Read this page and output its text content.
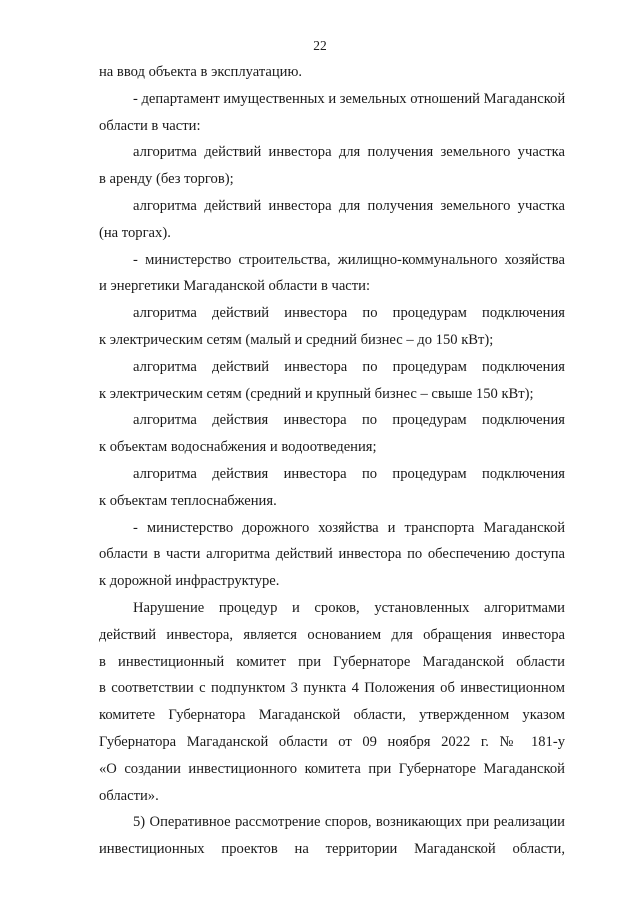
22
на ввод объекта в эксплуатацию.
- департамент имущественных и земельных отношений Магаданской
области в части:
алгоритма действий инвестора для получения земельного участка
в аренду (без торгов);
алгоритма действий инвестора для получения земельного участка
(на торгах).
- министерство строительства, жилищно-коммунального хозяйства
и энергетики Магаданской области в части:
алгоритма действий инвестора по процедурам подключения
к электрическим сетям (малый и средний бизнес – до 150 кВт);
алгоритма действий инвестора по процедурам подключения
к электрическим сетям (средний и крупный бизнес – свыше 150 кВт);
алгоритма действия инвестора по процедурам подключения
к объектам водоснабжения и водоотведения;
алгоритма действия инвестора по процедурам подключения
к объектам теплоснабжения.
- министерство дорожного хозяйства и транспорта Магаданской
области в части алгоритма действий инвестора по обеспечению доступа
к дорожной инфраструктуре.
Нарушение процедур и сроков, установленных алгоритмами
действий инвестора, является основанием для обращения инвестора
в инвестиционный комитет при Губернаторе Магаданской области
в соответствии с подпунктом 3 пункта 4 Положения об инвестиционном
комитете Губернатора Магаданской области, утвержденном указом
Губернатора Магаданской области от 09 ноября 2022 г. № 181-у
«О создании инвестиционного комитета при Губернаторе Магаданской
области».
5) Оперативное рассмотрение споров, возникающих при реализации
инвестиционных проектов на территории Магаданской области,
